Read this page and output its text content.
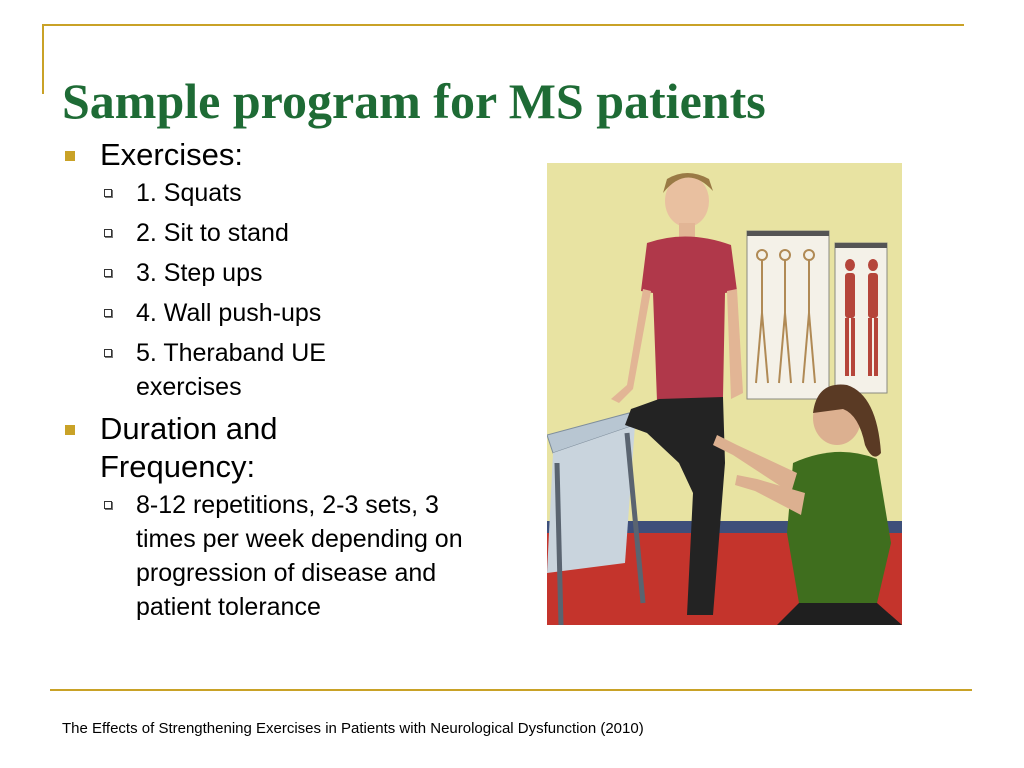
Sample program for MS patients
Exercises:
1. Squats
2. Sit to stand
3. Step ups
4. Wall push-ups
5. Theraband UE exercises
Duration and Frequency:
8-12 repetitions, 2-3 sets, 3 times per week depending on progression of disease and patient tolerance
The Effects of Strengthening Exercises in Patients with Neurological Dysfunction (2010)
